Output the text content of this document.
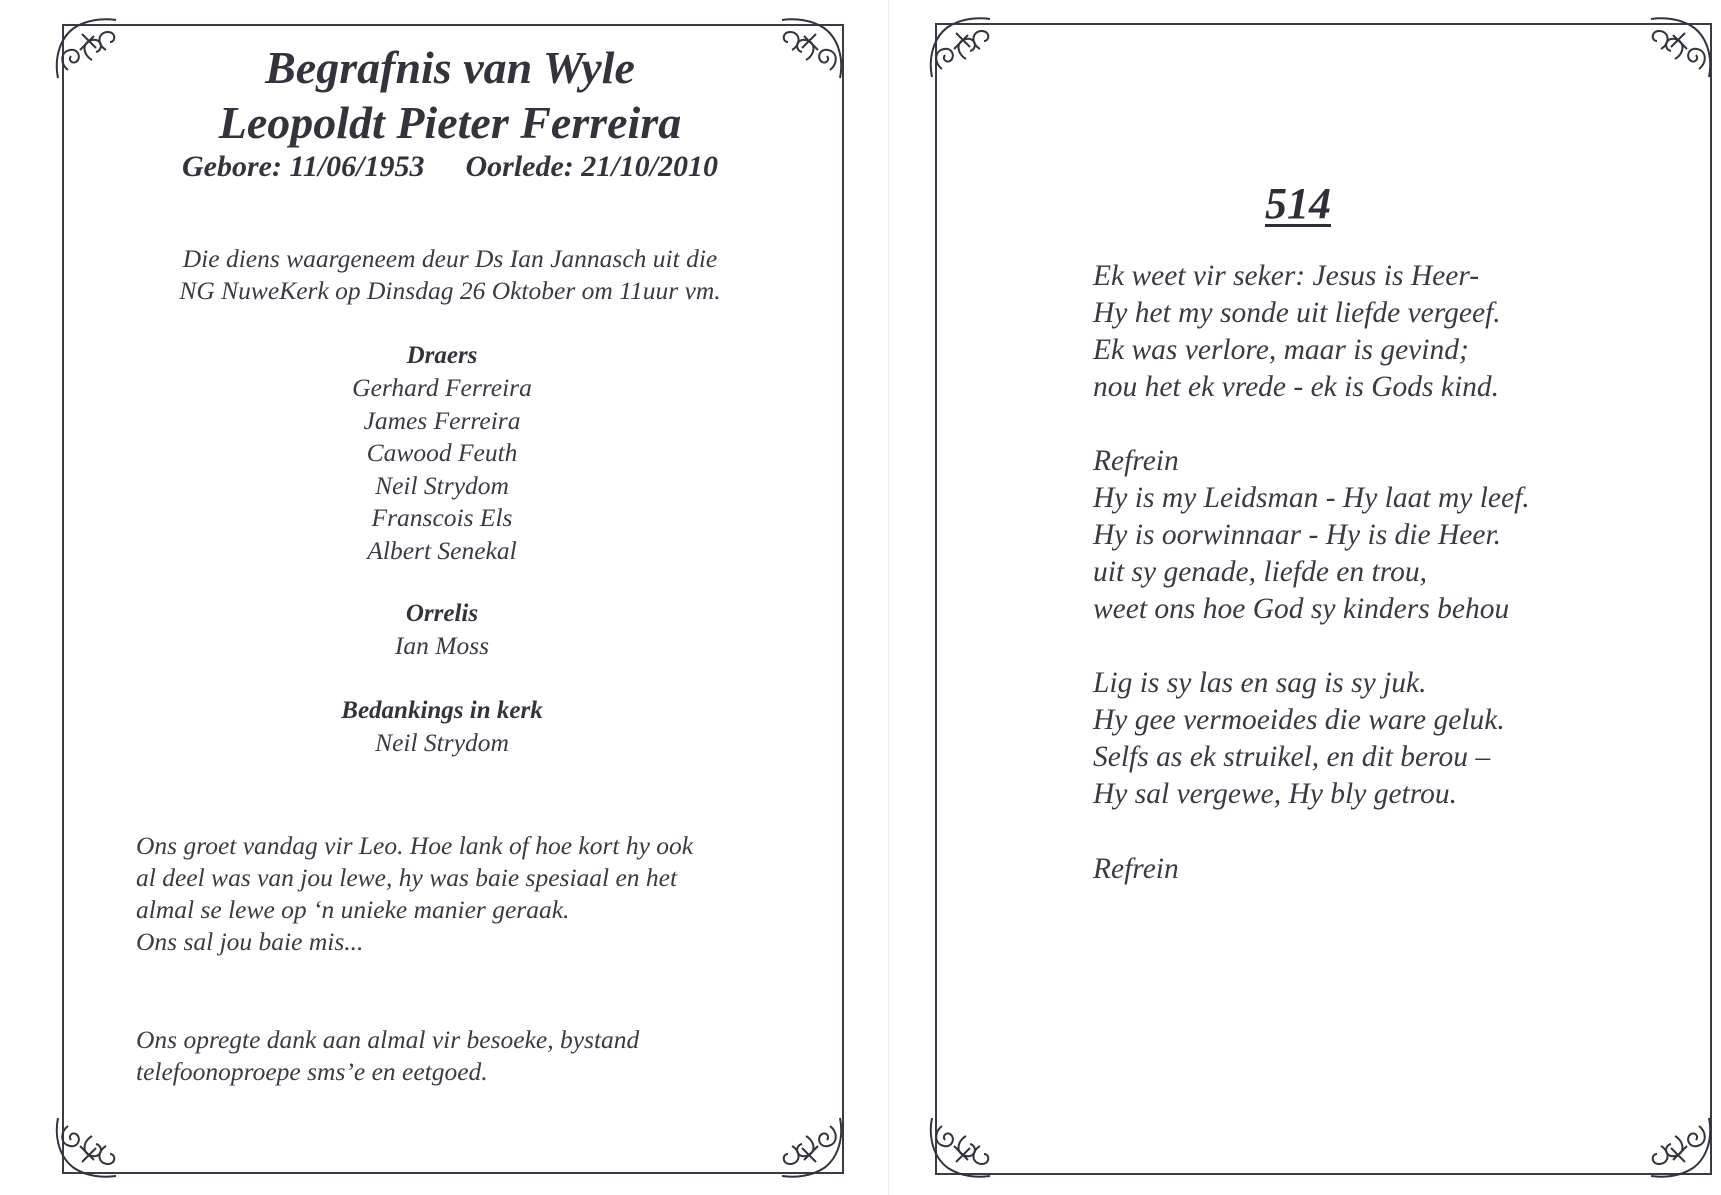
Begrafnis van Wyle
Leopoldt Pieter Ferreira
Gebore: 11/06/1953 Oorlede: 21/10/2010
Die diens waargeneem deur Ds Ian Jannasch uit die
NG NuweKerk op Dinsdag 26 Oktober om 11uur vm.
Draers
Gerhard Ferreira
James Ferreira
Cawood Feuth
Neil Strydom
Franscois Els
Albert Senekal
Orrelis
Ian Moss
Bedankings in kerk
Neil Strydom
Ons groet vandag vir Leo. Hoe lank of hoe kort hy ook
al deel was van jou lewe, hy was baie spesiaal en het
almal se lewe op ‘n unieke manier geraak.
Ons sal jou baie mis...
Ons opregte dank aan almal vir besoeke, bystand
telefoonoproepe sms’e en eetgoed.
514
Ek weet vir seker: Jesus is Heer-
Hy het my sonde uit liefde vergeef.
Ek was verlore, maar is gevind;
nou het ek vrede - ek is Gods kind.
Refrein
Hy is my Leidsman - Hy laat my leef.
Hy is oorwinnaar - Hy is die Heer.
uit sy genade, liefde en trou,
weet ons hoe God sy kinders behou
Lig is sy las en sag is sy juk.
Hy gee vermoeides die ware geluk.
Selfs as ek struikel, en dit berou –
Hy sal vergewe, Hy bly getrou.
Refrein
